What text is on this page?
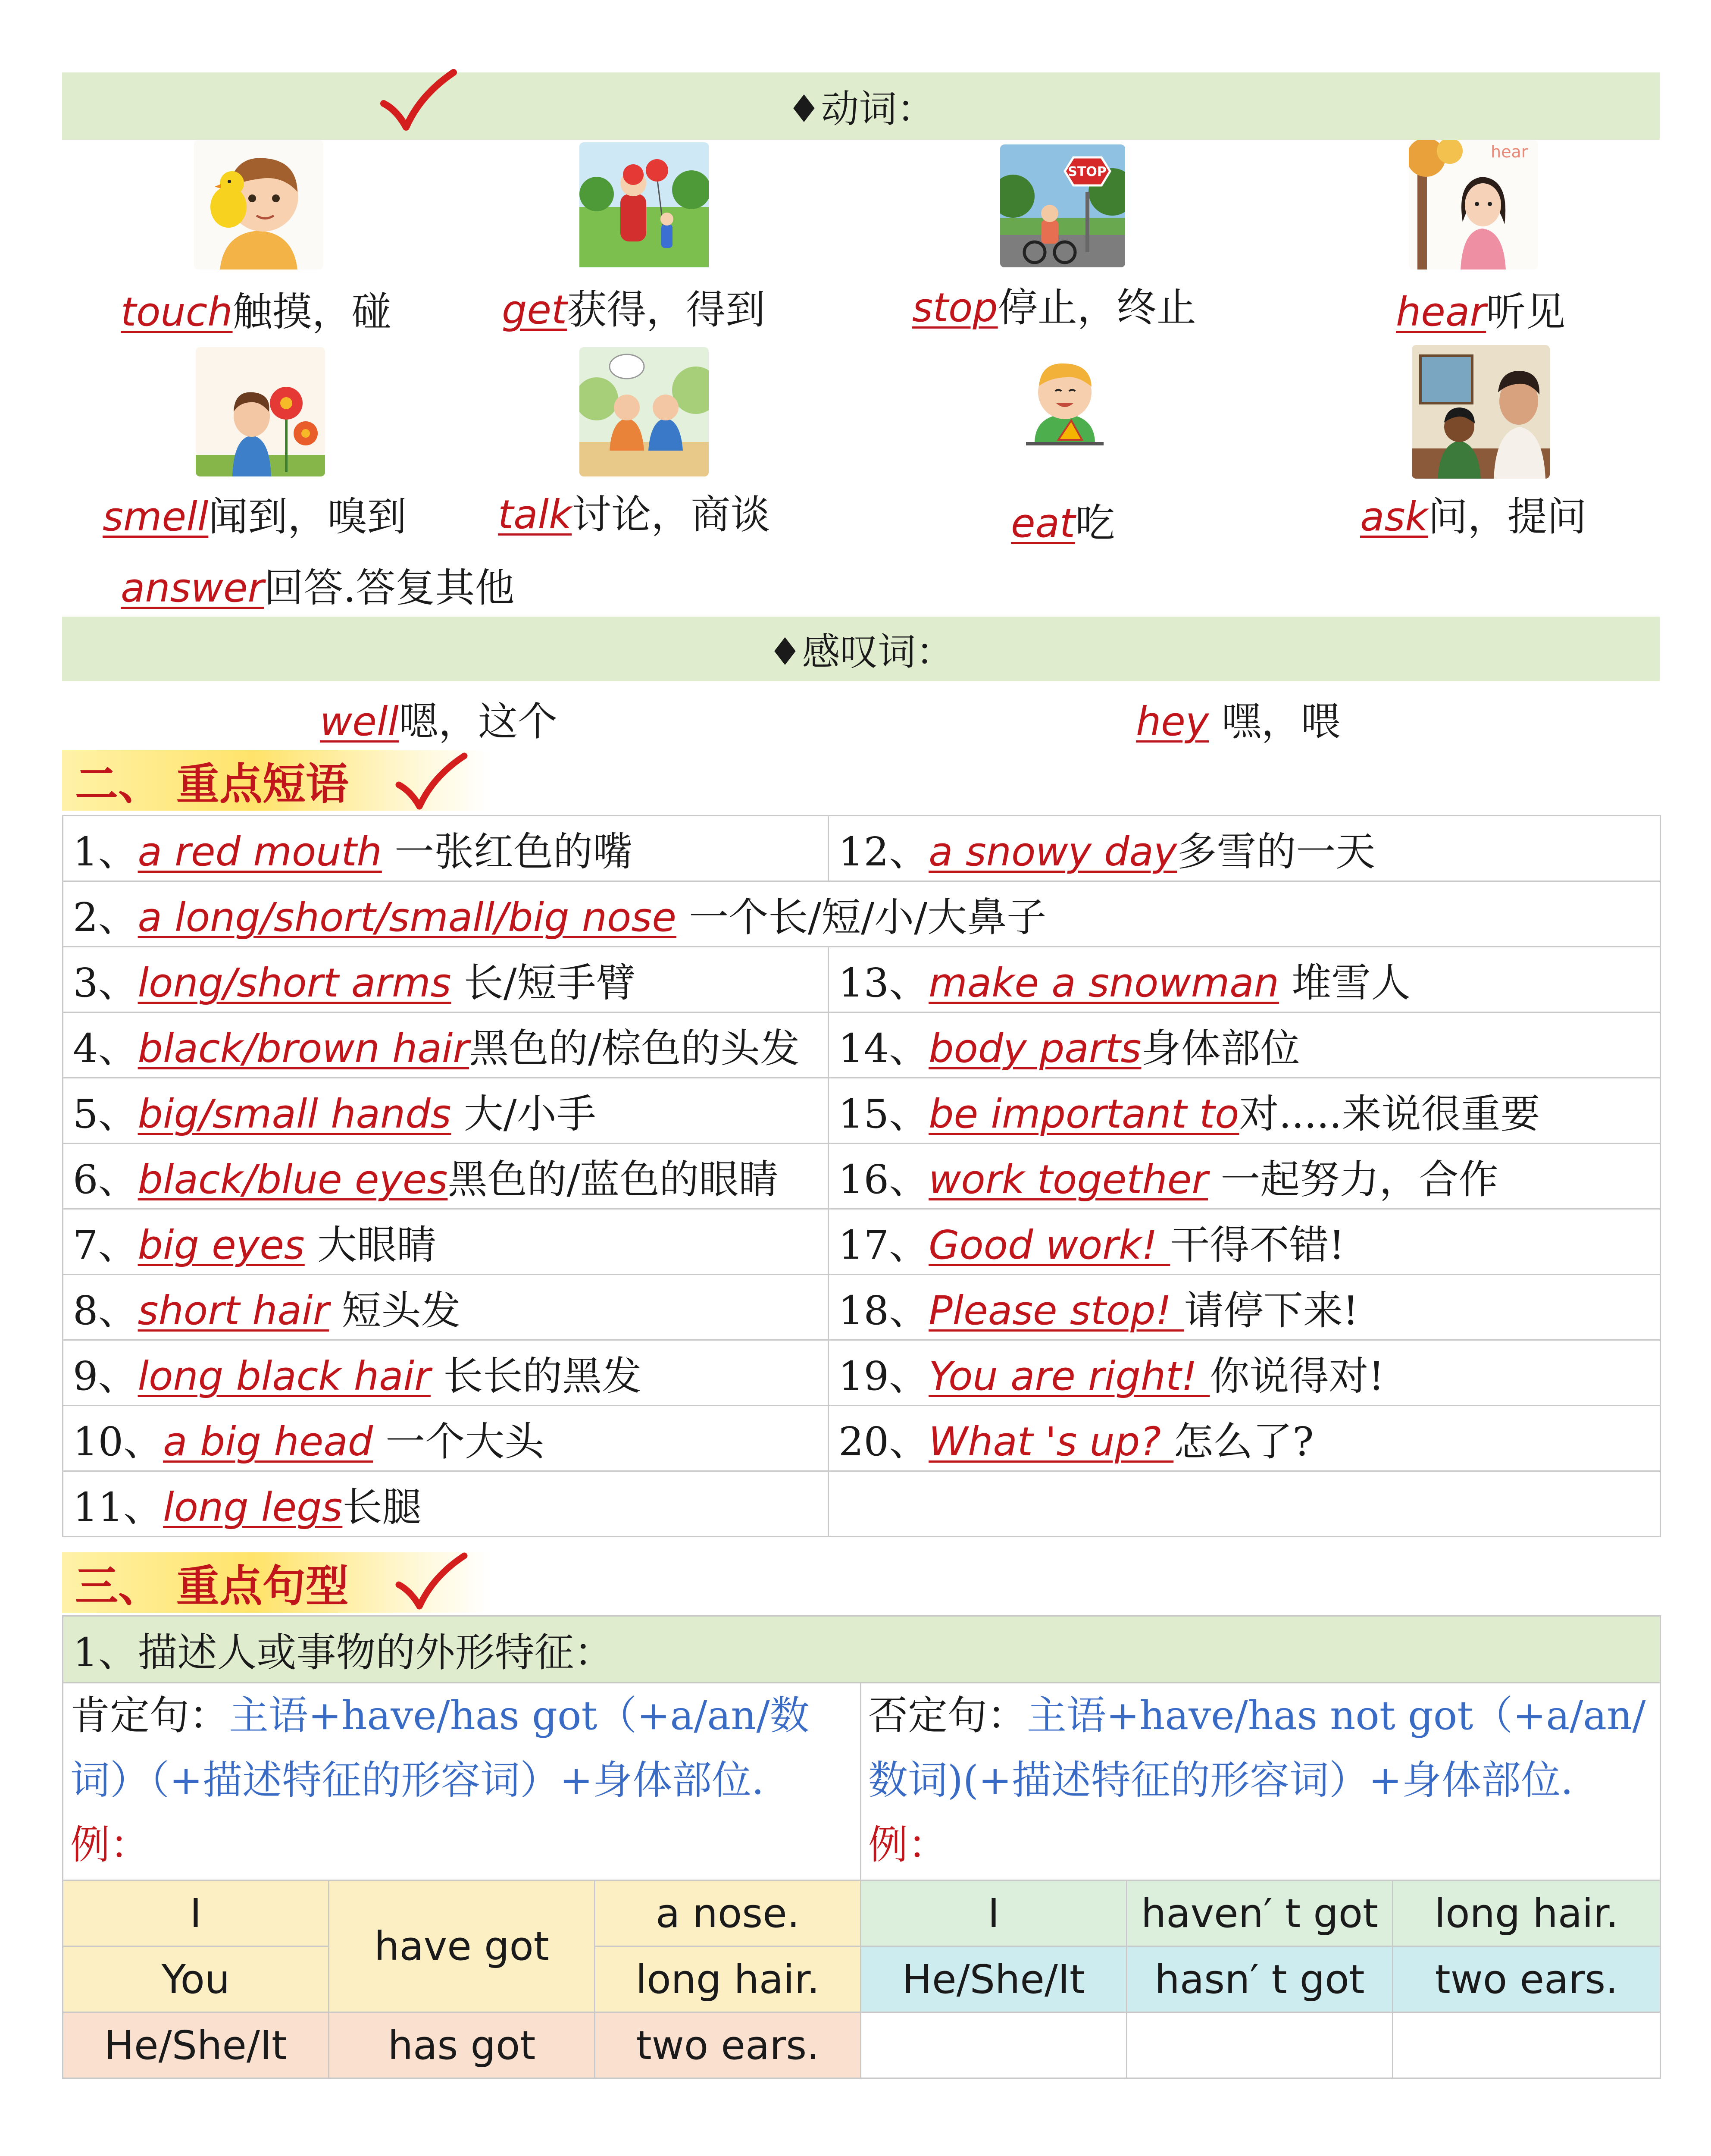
♦动词：
STOP
hear
touch触摸，碰	get获得，得到	stop停止，终止	hear听见
smell闻到，嗅到 talk讨论，商谈	eat吃	ask问，提问
answer回答.答复其他
♦感叹词：
well嗯，这个	hey 嘿，喂
二、 重点短语
1、a red mouth 一张红色的嘴	12、a snowy day多雪的一天
2、a long/short/small/big nose 一个长/短/小/大鼻子	
3、long/short arms 长/短手臂	13、make a snowman 堆雪人
4、black/brown hair黑色的/棕色的头发	14、body parts身体部位
5、big/small hands 大/小手	15、be important to对.....来说很重要
6、black/blue eyes黑色的/蓝色的眼睛	16、work together 一起努力，合作
7、big eyes 大眼睛	17、Good work! 干得不错!
8、short hair 短头发	18、Please stop! 请停下来!
9、long black hair 长长的黑发	19、You are right! 你说得对!
10、a big head 一个大头	20、What 's up? 怎么了?
11、long legs长腿	
三、 重点句型
1、描述人或事物的外形特征：					
肯定句：主语+have/has got（+a/an/数词）（+描述特征的形容词）+身体部位.
例：			否定句：主语+have/has not got（+a/an/数词)(+描述特征的形容词）+身体部位.
例：		
I	have got	a nose.	I	haven′ t got	long hair.
You		long hair.	He/She/It	hasn′ t got	two ears.
He/She/It	has got	two ears.			
